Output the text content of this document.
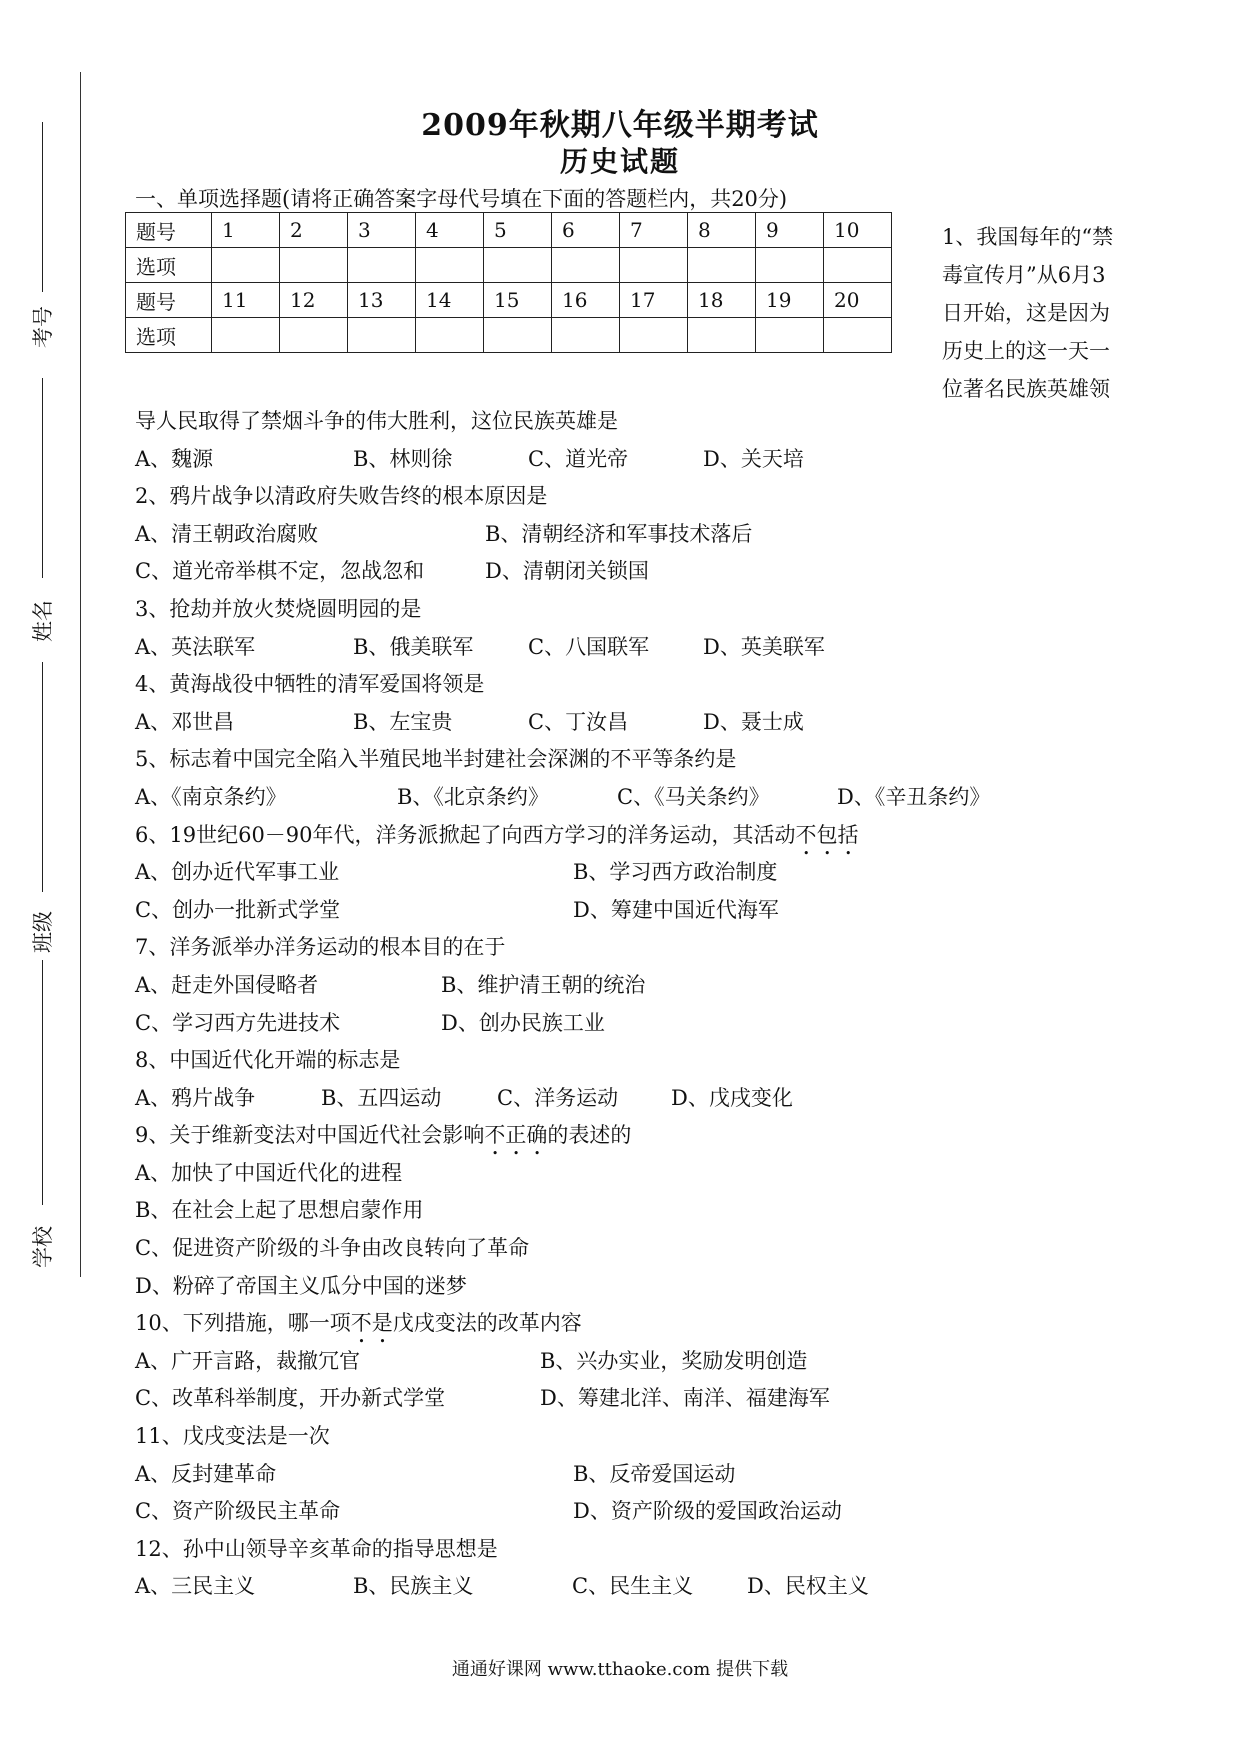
考号
姓名
班级
学校
2009年秋期八年级半期考试
历史试题
一、单项选择题(请将正确答案字母代号填在下面的答题栏内，共20分)
题号	1	2	3	4	5	6	7	8	9	10
选项										
题号	11	12	13	14	15	16	17	18	19	20
选项										
1、我国每年的“禁毒宣传月”从6月3日开始，这是因为历史上的这一天一位著名民族英雄领
导人民取得了禁烟斗争的伟大胜利，这位民族英雄是
A、魏源	B、林则徐	C、道光帝	D、关天培
2、鸦片战争以清政府失败告终的根本原因是
A、清王朝政治腐败	B、清朝经济和军事技术落后
C、道光帝举棋不定，忽战忽和	D、清朝闭关锁国
3、抢劫并放火焚烧圆明园的是
A、英法联军	B、俄美联军	C、八国联军	D、英美联军
4、黄海战役中牺牲的清军爱国将领是
A、邓世昌	B、左宝贵	C、丁汝昌	D、聂士成
5、标志着中国完全陷入半殖民地半封建社会深渊的不平等条约是
A、《南京条约》	B、《北京条约》	C、《马关条约》	D、《辛丑条约》
6、19世纪60－90年代，洋务派掀起了向西方学习的洋务运动，其活动不包括
A、创办近代军事工业	B、学习西方政治制度
C、创办一批新式学堂	D、筹建中国近代海军
7、洋务派举办洋务运动的根本目的在于
A、赶走外国侵略者	B、维护清王朝的统治
C、学习西方先进技术	D、创办民族工业
8、中国近代化开端的标志是
A、鸦片战争	B、五四运动	C、洋务运动	D、戊戌变化
9、关于维新变法对中国近代社会影响不正确的表述的
A、加快了中国近代化的进程
B、在社会上起了思想启蒙作用
C、促进资产阶级的斗争由改良转向了革命
D、粉碎了帝国主义瓜分中国的迷梦
10、下列措施，哪一项不是戊戌变法的改革内容
A、广开言路，裁撤冗官	B、兴办实业，奖励发明创造
C、改革科举制度，开办新式学堂	D、筹建北洋、南洋、福建海军
11、戊戌变法是一次
A、反封建革命	B、反帝爱国运动
C、资产阶级民主革命	D、资产阶级的爱国政治运动
12、孙中山领导辛亥革命的指导思想是
A、三民主义	B、民族主义	C、民生主义	D、民权主义
通通好课网 www.tthaoke.com 提供下载
